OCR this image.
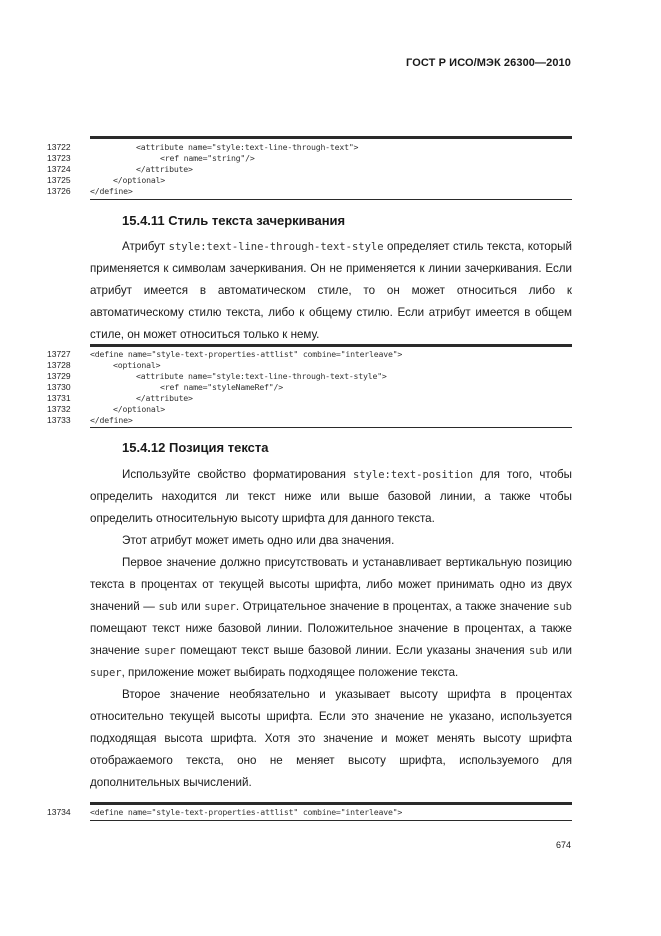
ГОСТ Р ИСО/МЭК 26300—2010
13722	<attribute name="style:text-line-through-text">
13723	<ref name="string"/>
13724	</attribute>
13725	</optional>
13726 </define>
15.4.11 Стиль текста зачеркивания

Атрибут style:text-line-through-text-style определяет стиль текста, который применяется к символам зачеркивания. Он не применяется к линии зачеркивания. Если атрибут имеется в автоматическом стиле, то он может относиться либо к автоматическому стилю текста, либо к общему стилю. Если атрибут имеется в общем стиле, он может относиться только к нему.

13727 <define name="style-text-properties-attlist" combine="interleave">
13728	<optional>
13729	<attribute name="style:text-line-through-text-style">
13730	<ref name="styleNameRef"/>
13731	</attribute>
13732	</optional>
13733 </define>
15.4.12 Позиция текста

Используйте свойство форматирования style:text-position для того, чтобы определить находится ли текст ниже или выше базовой линии, а также чтобы определить относительную высоту шрифта для данного текста.

Этот атрибут может иметь одно или два значения.

Первое значение должно присутствовать и устанавливает вертикальную позицию текста в процентах от текущей высоты шрифта, либо может принимать одно из двух значений — sub или super. Отрицательное значение в процентах, а также значение sub помещают текст ниже базовой линии. Положительное значение в процентах, а также значение super помещают текст выше базовой линии. Если указаны значения sub или super, приложение может выбирать подходящее положение текста.

Второе значение необязательно и указывает высоту шрифта в процентах относительно текущей высоты шрифта. Если это значение не указано, используется подходящая высота шрифта. Хотя это значение и может менять высоту шрифта отображаемого текста, оно не меняет высоту шрифта, используемого для дополнительных вычислений.

13734 <define name="style-text-properties-attlist" combine="interleave">
674
